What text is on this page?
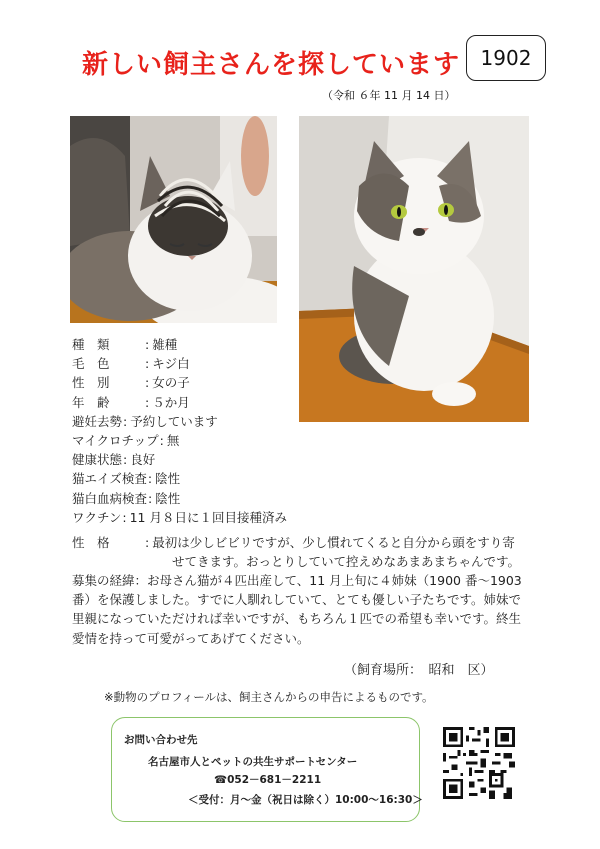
新しい飼主さんを探しています 1902
（令和 ６年 11 月 14 日）
種　類	: 雑種
毛　色	: キジ白
性　別	: 女の子
年　齢	: ５か月
避妊去勢 : 予約しています
マイクロチップ : 無
健康状態 : 良好
猫エイズ検査 : 陰性
猫白血病検査 : 陰性
ワクチン : 11 月８日に１回目接種済み
性　格	: 最初は少しビビリですが、少し慣れてくると自分から頭をすり寄
せてきます。おっとりしていて控えめなあまあまちゃんです。
募集の経緯：お母さん猫が４匹出産して、11 月上旬に４姉妹（1900 番～1903 番）を保護しました。すでに人馴れしていて、とても優しい子たちです。姉妹で里親になっていただければ幸いですが、もちろん１匹での希望も幸いです。終生愛情を持って可愛がってあげてください。
（飼育場所：　 昭和　区）
※動物のプロフィールは、飼主さんからの申告によるものです。
お問い合わせ先
名古屋市人とペットの共生サポートセンター
☎052－681－2211
＜受付：月～金（祝日は除く）10:00～16:30＞
